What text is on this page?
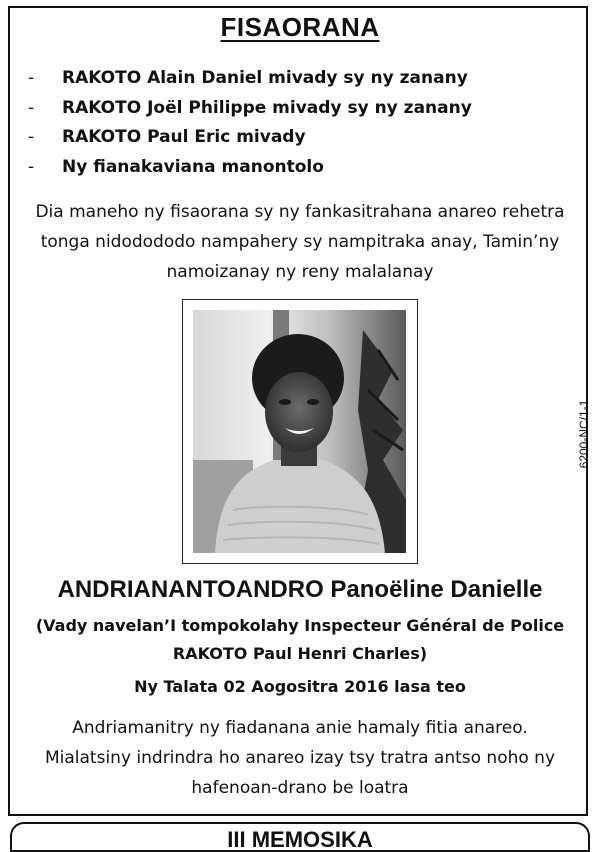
FISAORANA
- RAKOTO Alain Daniel mivady sy ny zanany
- RAKOTO Joël Philippe mivady sy ny zanany
- RAKOTO Paul Eric mivady
- Ny fianakaviana manontolo

Dia maneho ny fisaorana sy ny fankasitrahana anareo rehetra
tonga nidodododo nampahery sy nampitraka anay, Tamin’ny
namoizanay ny reny malalanay

6200-NC/1-1
ANDRIANANTOANDRO Panoëline Danielle

(Vady navelan’I tompokolahy Inspecteur Général de Police

RAKOTO Paul Henri Charles)

Ny Talata 02 Aogositra 2016 lasa teo

Andriamanitry ny fiadanana anie hamaly fitia anareo.
Mialatsiny indrindra ho anareo izay tsy tratra antso noho ny
hafenoan-drano be loatra

III MEMOSIKA
